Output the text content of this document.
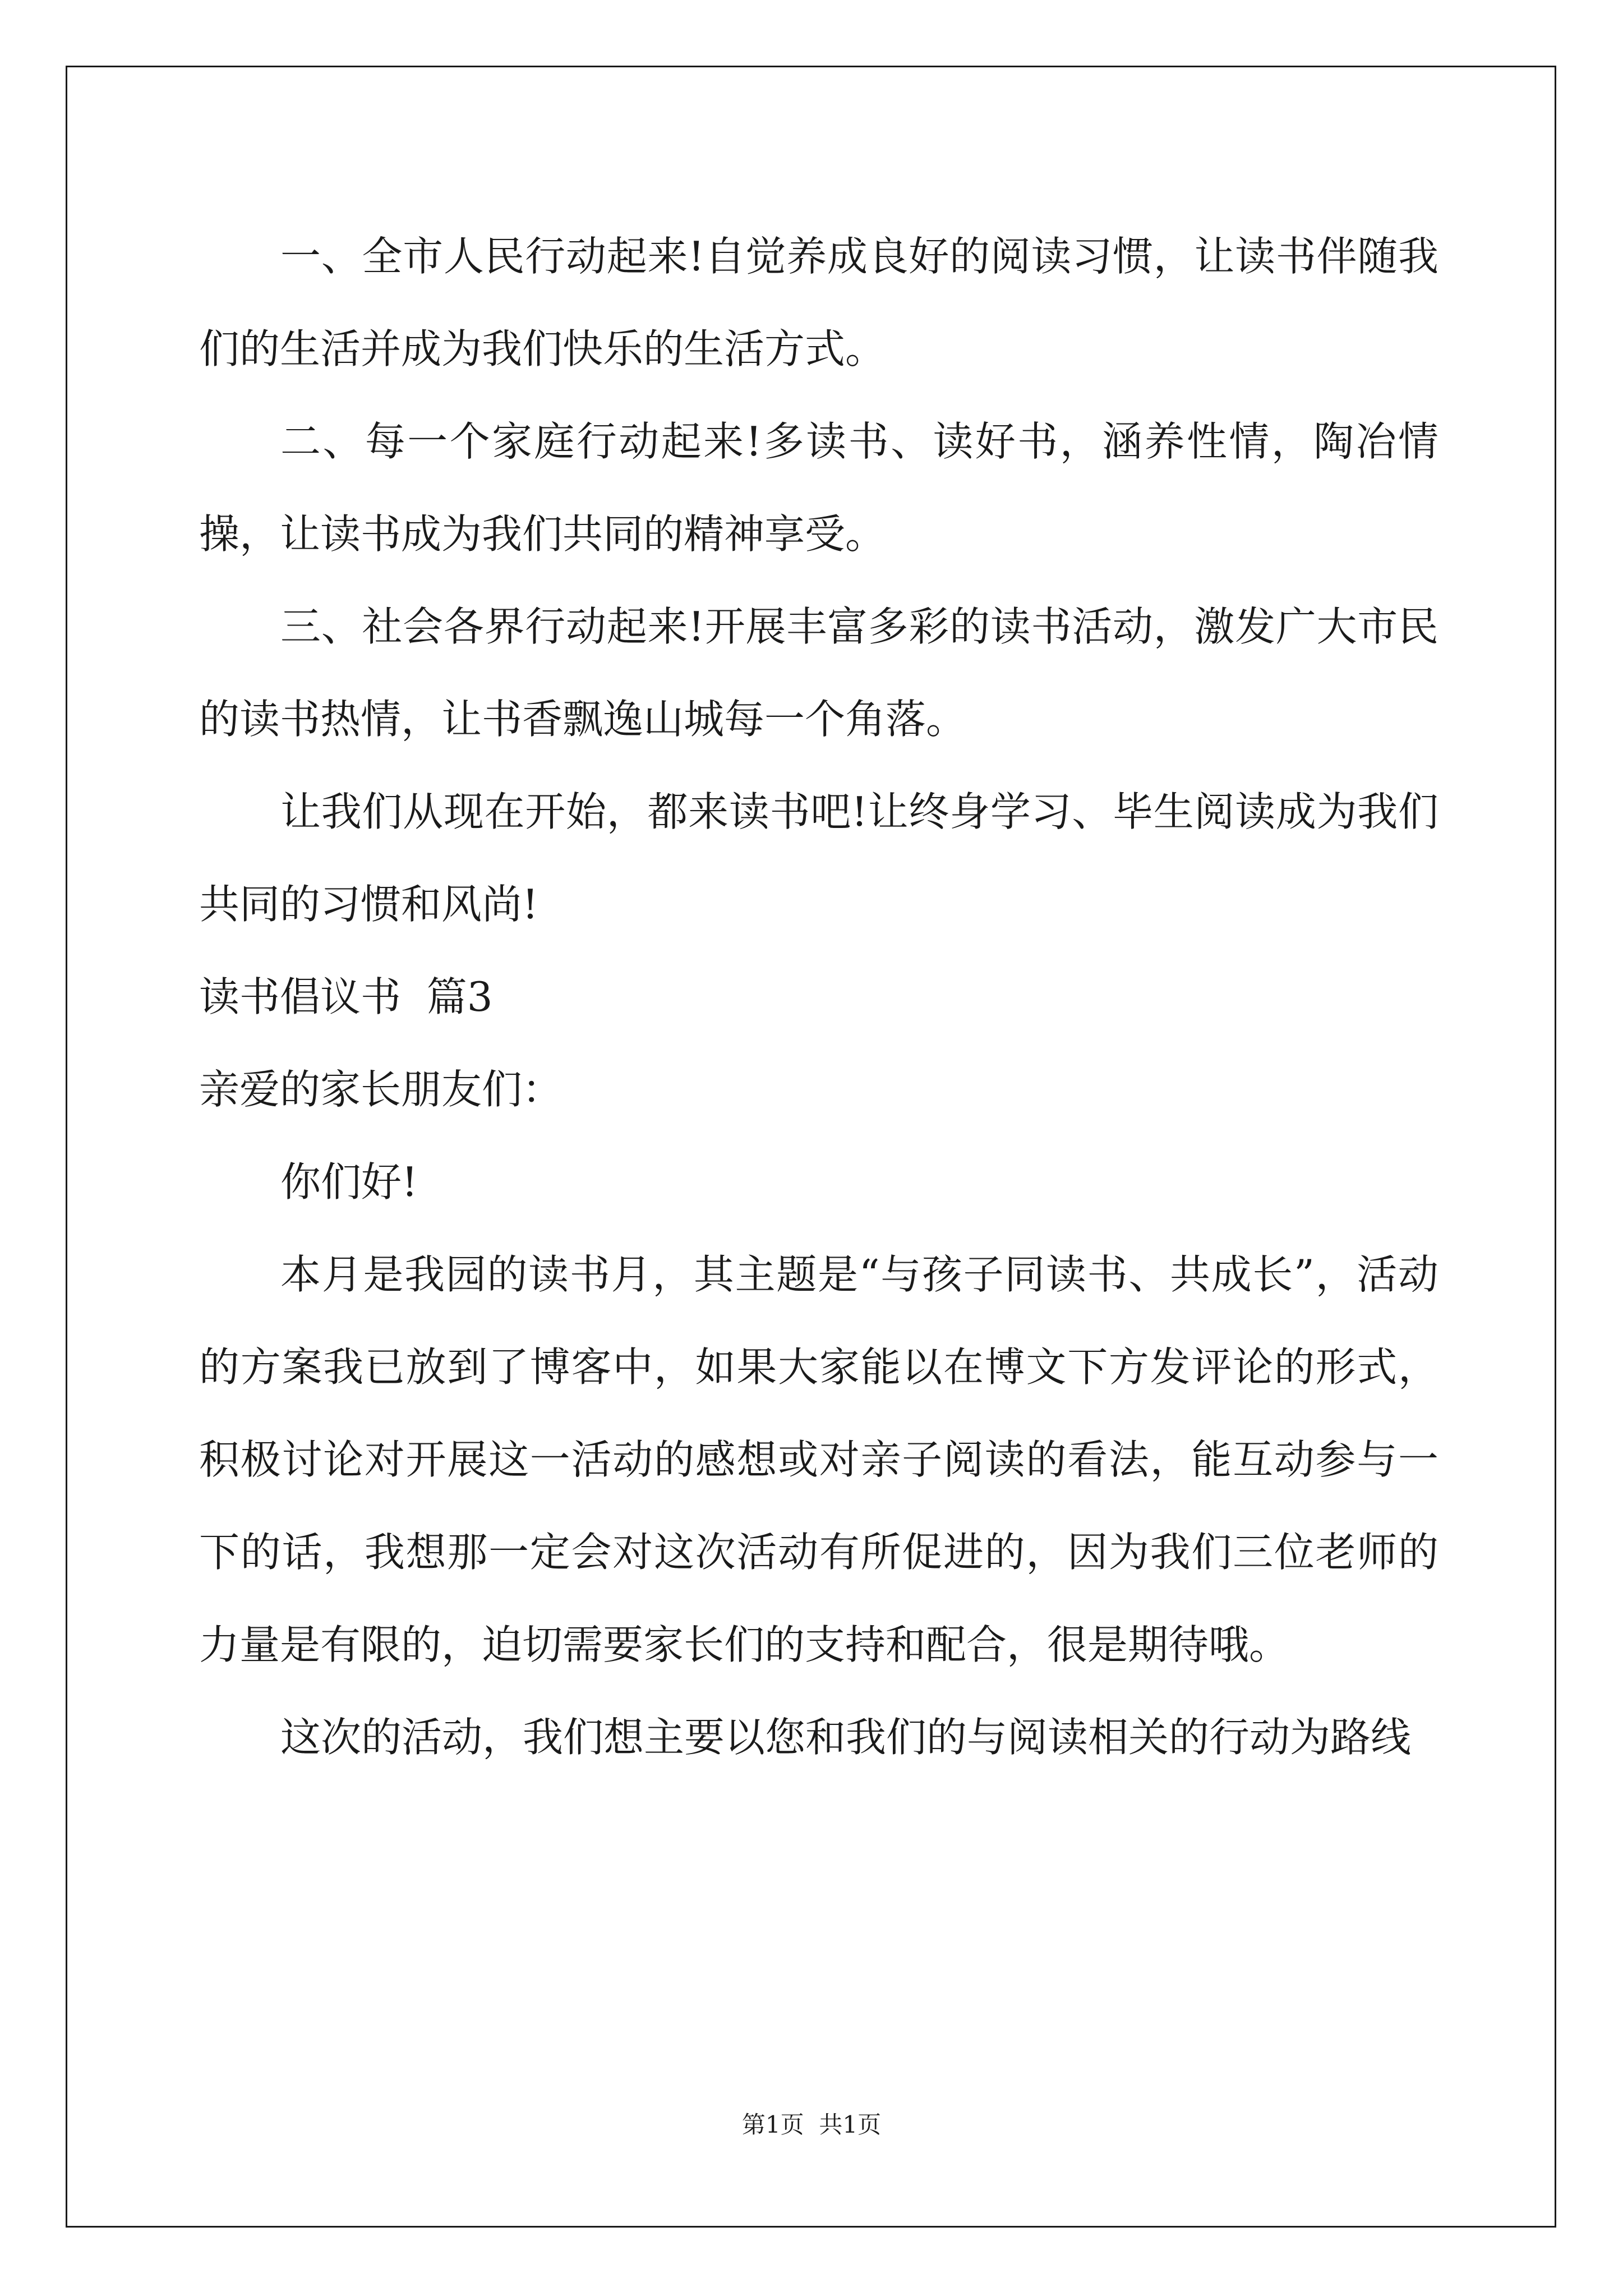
一、全市人民行动起来!自觉养成良好的阅读习惯，让读书伴随我们的生活并成为我们快乐的生活方式。

二、每一个家庭行动起来!多读书、读好书，涵养性情，陶冶情操，让读书成为我们共同的精神享受。

三、社会各界行动起来!开展丰富多彩的读书活动，激发广大市民的读书热情，让书香飘逸山城每一个角落。

让我们从现在开始，都来读书吧!让终身学习、毕生阅读成为我们共同的习惯和风尚!

读书倡议书  篇3

亲爱的家长朋友们：

你们好!

本月是我园的读书月，其主题是“与孩子同读书、共成长”，活动的方案我已放到了博客中，如果大家能以在博文下方发评论的形式，积极讨论对开展这一活动的感想或对亲子阅读的看法，能互动参与一下的话，我想那一定会对这次活动有所促进的，因为我们三位老师的力量是有限的，迫切需要家长们的支持和配合，很是期待哦。

这次的活动，我们想主要以您和我们的与阅读相关的行动为路线

第1页  共1页
